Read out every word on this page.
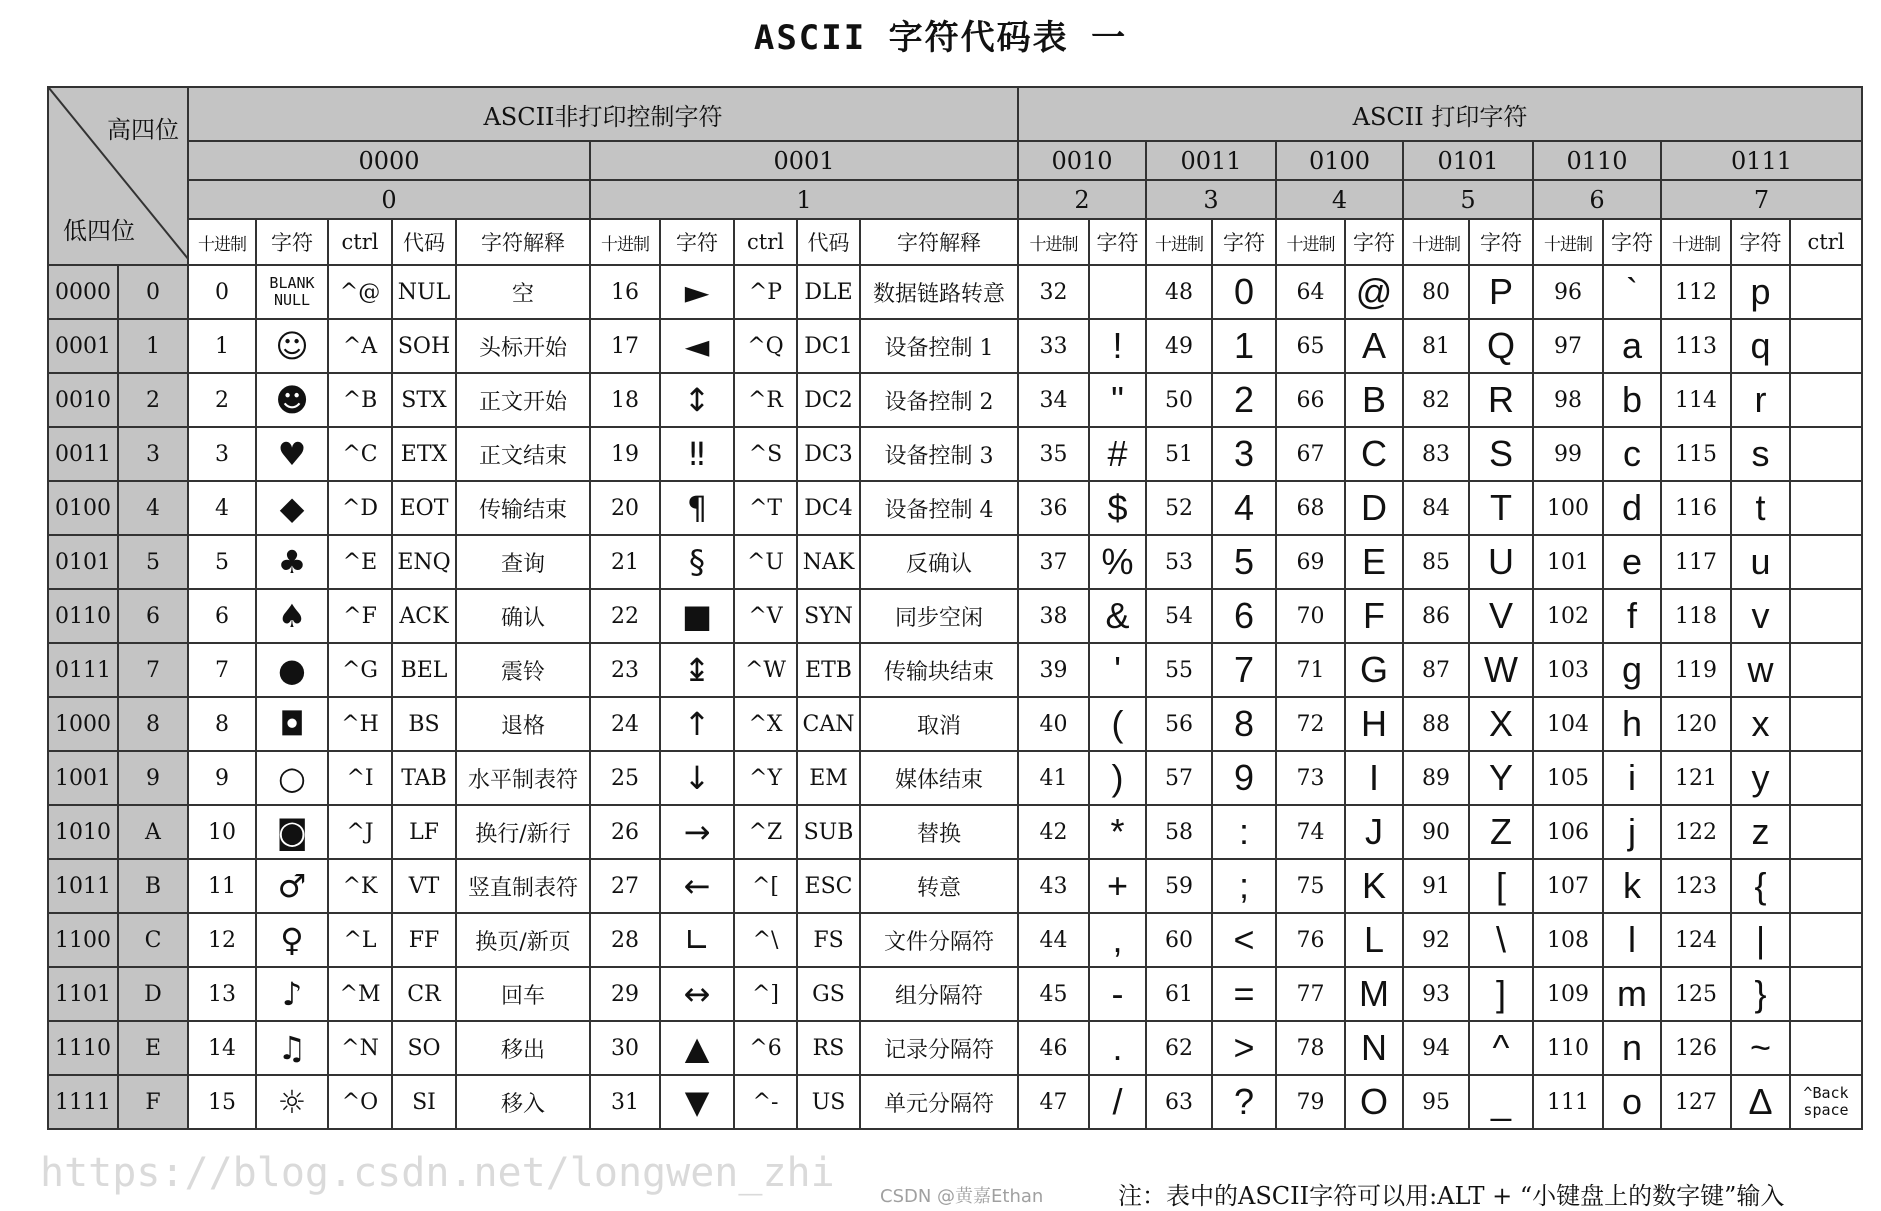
ASCII 字符代码表 一
高四位
低四位		ASCII非打印控制字符										ASCII 打印字符												
		0000					0001					0010		0011		0100		0101		0110		0111		
		0					1					2		3		4		5		6		7		
		十进制	字符	ctrl	代码	字符解释	十进制	字符	ctrl	代码	字符解释	十进制	字符	十进制	字符	十进制	字符	十进制	字符	十进制	字符	十进制	字符	ctrl
0000	0	0	BLANK NULL	^@	NUL	空	16	►	^P	DLE	数据链路转意	32		48	0	64	@	80	P	96	`	112	p	
0001	1	1	☺	^A	SOH	头标开始	17	◄	^Q	DC1	设备控制 1	33	!	49	1	65	A	81	Q	97	a	113	q	
0010	2	2	☻	^B	STX	正文开始	18	↕	^R	DC2	设备控制 2	34	"	50	2	66	B	82	R	98	b	114	r	
0011	3	3	♥	^C	ETX	正文结束	19	‼	^S	DC3	设备控制 3	35	#	51	3	67	C	83	S	99	c	115	s	
0100	4	4	◆	^D	EOT	传输结束	20	¶	^T	DC4	设备控制 4	36	$	52	4	68	D	84	T	100	d	116	t	
0101	5	5	♣	^E	ENQ	查询	21	§	^U	NAK	反确认	37	%	53	5	69	E	85	U	101	e	117	u	
0110	6	6	♠	^F	ACK	确认	22	■	^V	SYN	同步空闲	38	&	54	6	70	F	86	V	102	f	118	v	
0111	7	7	●	^G	BEL	震铃	23	↨	^W	ETB	传输块结束	39	'	55	7	71	G	87	W	103	g	119	w	
1000	8	8	◘	^H	BS	退格	24	↑	^X	CAN	取消	40	(	56	8	72	H	88	X	104	h	120	x	
1001	9	9	○	^I	TAB	水平制表符	25	↓	^Y	EM	媒体结束	41	)	57	9	73	I	89	Y	105	i	121	y	
1010	A	10	◙	^J	LF	换行/新行	26	→	^Z	SUB	替换	42	*	58	:	74	J	90	Z	106	j	122	z	
1011	B	11	♂	^K	VT	竖直制表符	27	←	^[	ESC	转意	43	+	59	;	75	K	91	[	107	k	123	{	
1100	C	12	♀	^L	FF	换页/新页	28	∟	^\	FS	文件分隔符	44	,	60	<	76	L	92	\	108	l	124	|	
1101	D	13	♪	^M	CR	回车	29	↔	^]	GS	组分隔符	45	-	61	=	77	M	93	]	109	m	125	}	
1110	E	14	♫	^N	SO	移出	30	▲	^6	RS	记录分隔符	46	.	62	>	78	N	94	^	110	n	126	~	
1111	F	15	☼	^O	SI	移入	31	▼	^-	US	单元分隔符	47	/	63	?	79	O	95	_	111	o	127	Δ	^Back space
https://blog.csdn.net/longwen_zhi
CSDN @黄嘉Ethan	注：表中的ASCII字符可以用:ALT + “小键盘上的数字键”输入
